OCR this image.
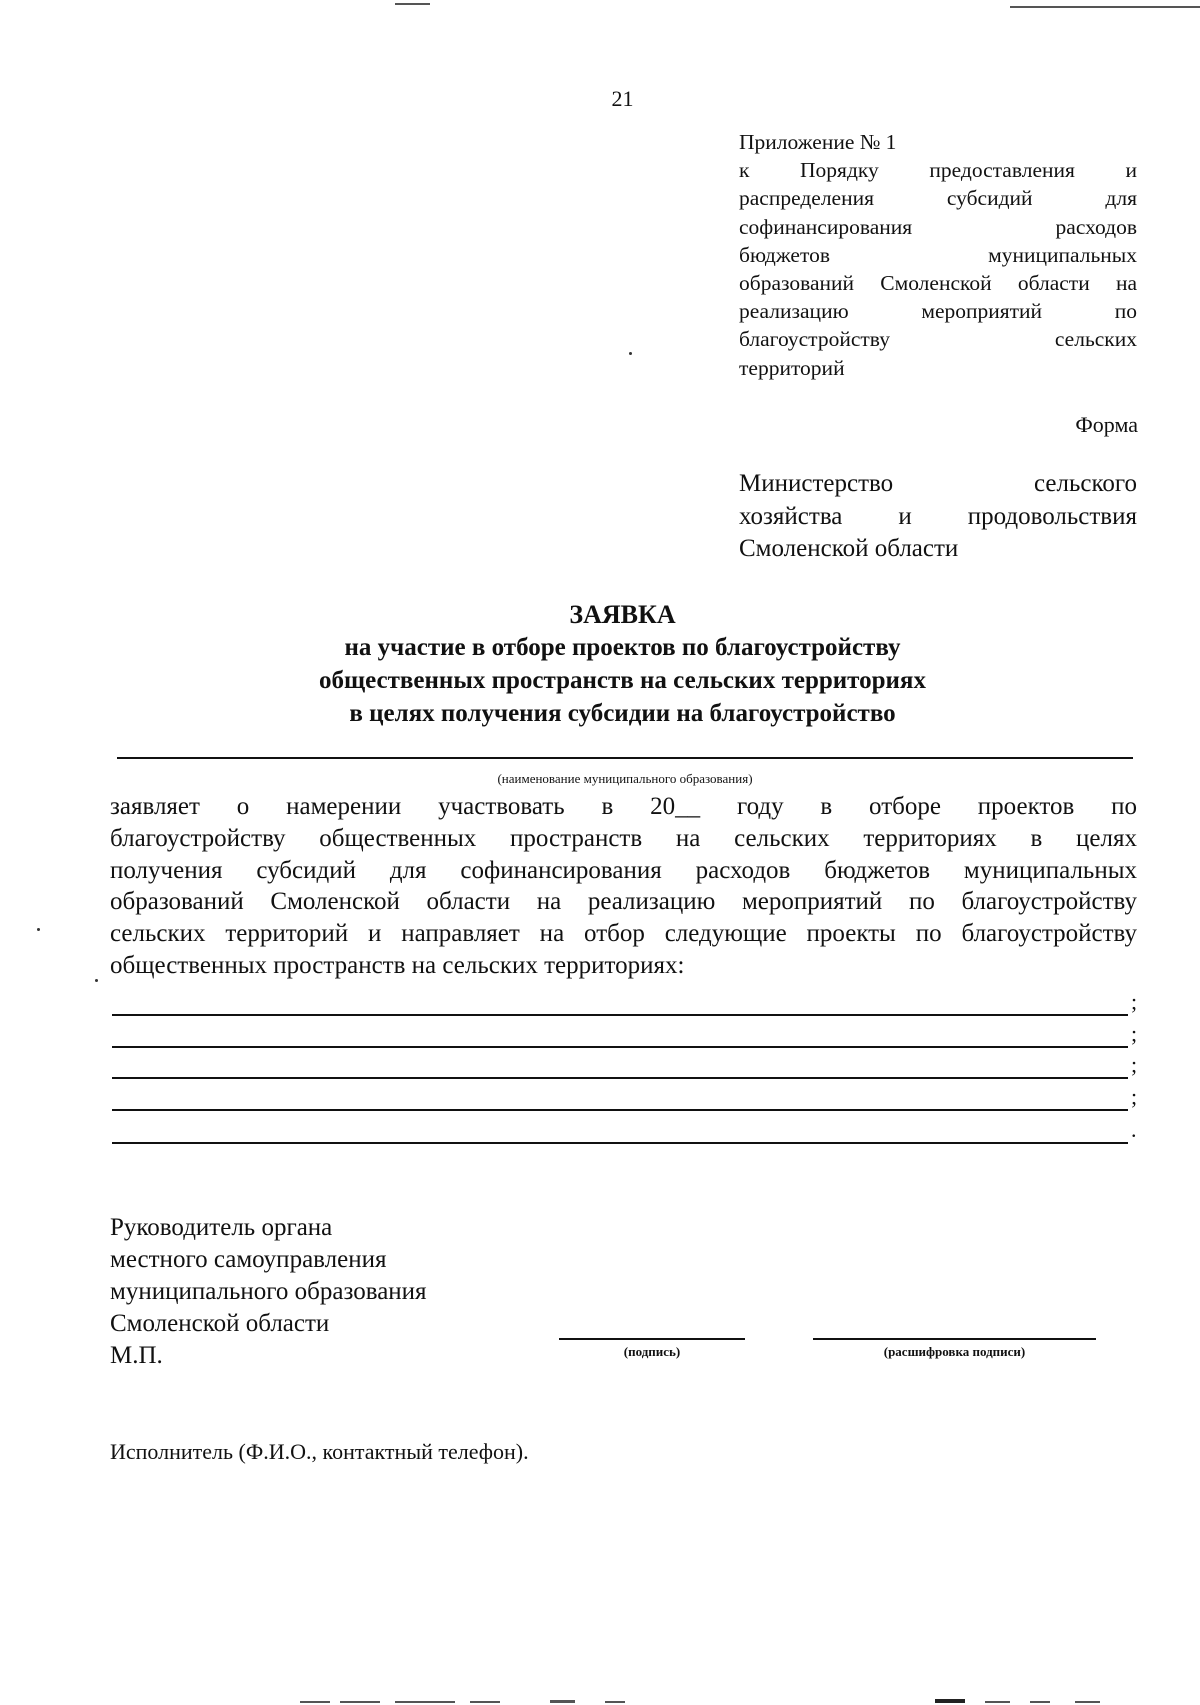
21
Приложение № 1
к Порядку предоставления и
распределения субсидий для
софинансирования расходов
бюджетов муниципальных
образований Смоленской области на
реализацию мероприятий по
благоустройству сельских
территорий
Форма
Министерство сельского
хозяйства и продовольствия
Смоленской области
ЗАЯВКА
на участие в отборе проектов по благоустройству
общественных пространств на сельских территориях
в целях получения субсидии на благоустройство
(наименование муниципального образования)
заявляет о намерении участвовать в 20__ году в отборе проектов по
благоустройству общественных пространств на сельских территориях в целях
получения субсидий для софинансирования расходов бюджетов муниципальных
образований Смоленской области на реализацию мероприятий по благоустройству
сельских территорий и направляет на отбор следующие проекты по благоустройству
общественных пространств на сельских территориях:
;
;
;
;
.
Руководитель органа
местного самоуправления
муниципального образования
Смоленской области
М.П.	(подпись)	(расшифровка подписи)
Исполнитель (Ф.И.О., контактный телефон).
